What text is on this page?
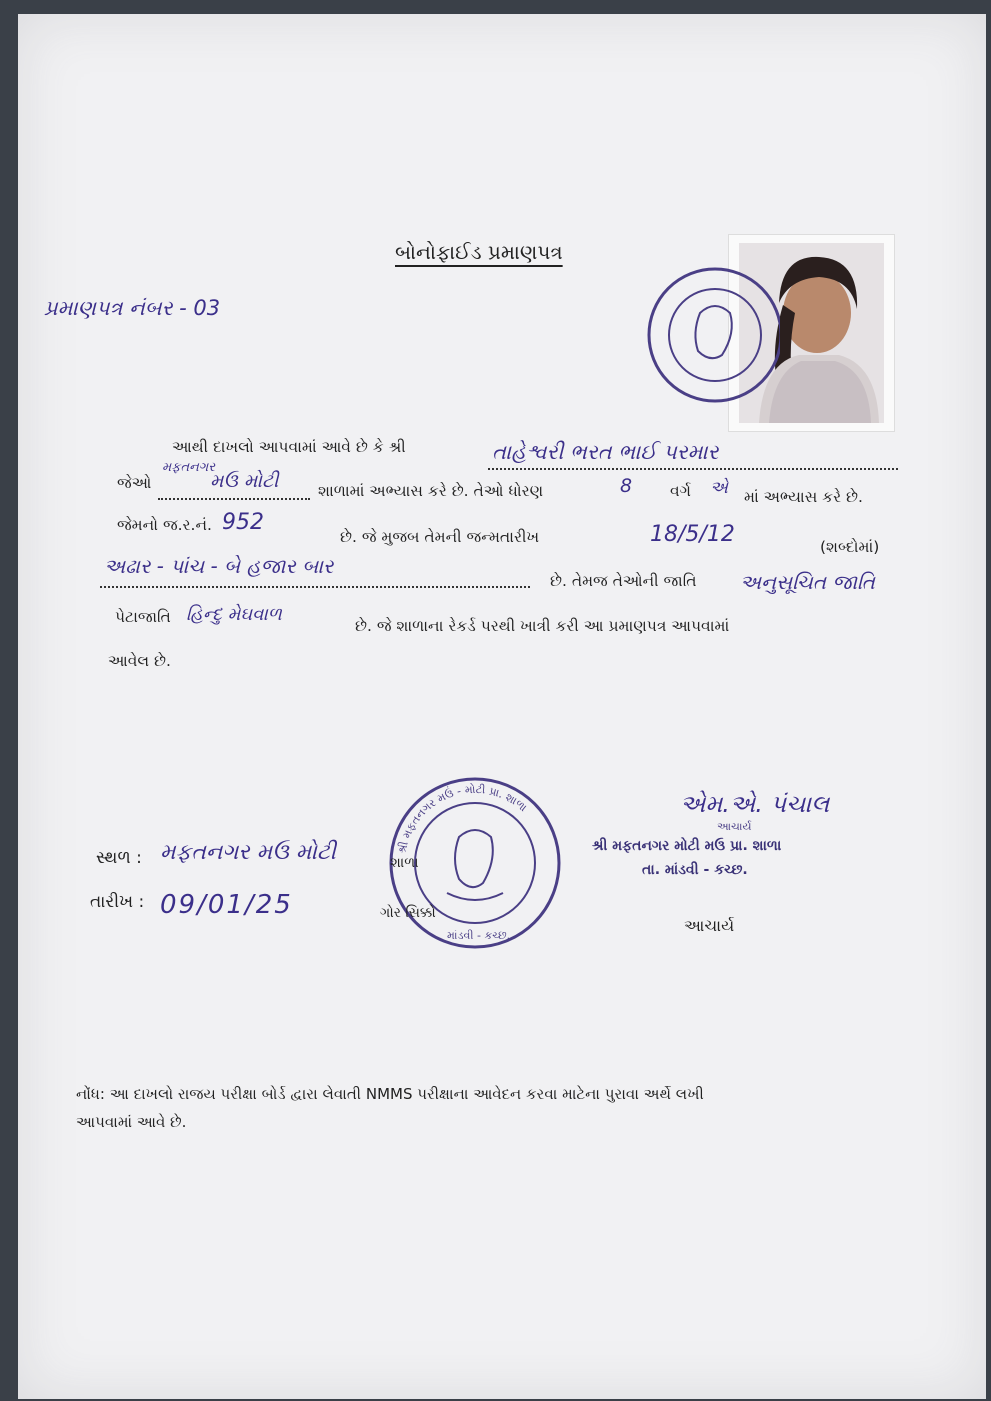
બોનોફાઈડ પ્રમાણપત્ર
પ્રમાણપત્ર નંબર - 03
આથી દાખલો આપવામાં આવે છે કે શ્રી	તાહેશ્વરી ભરત ભાઈ પરમાર
મફતનગર
જેઓ	મઉ મોટી	શાળામાં અભ્યાસ કરે છે. તેઓ ધોરણ	8 વર્ગ એ માં અભ્યાસ કરે છે.
જેમનો જ.ર.નં. 952
છે. જે મુજબ તેમની જન્મતારીખ	18/5/12	(શબ્દોમાં)
અઢાર - પાંચ - બે હજાર બાર
છે. તેમજ તેઓની જાતિ અનુસૂચિત જાતિ
પેટાજાતિ હિન્દુ મેઘવાળ
છે. જે શાળાના રેકર્ડ પરથી ખાત્રી કરી આ પ્રમાણપત્ર આપવામાં
આવેલ છે.
શ્રી મફતનગર મઉં - મોટી પ્રા. શાળા
માંડવી - કચ્છ.
સ્થળ : મફતનગર મઉ મોટી	શાળા
તારીખ : 09/01/25	ગોર સિક્કો
એમ.એ. પંચાલ
આચાર્ય
શ્રી મફતનગર મોટી મઉ પ્રા. શાળા
તા. માંડવી - કચ્છ.
આચાર્ય
નોંધ: આ દાખલો રાજય પરીક્ષા બોર્ડ દ્વારા લેવાતી NMMS પરીક્ષાના આવેદન કરવા માટેના પુરાવા અર્થે લખી
આપવામાં આવે છે.
